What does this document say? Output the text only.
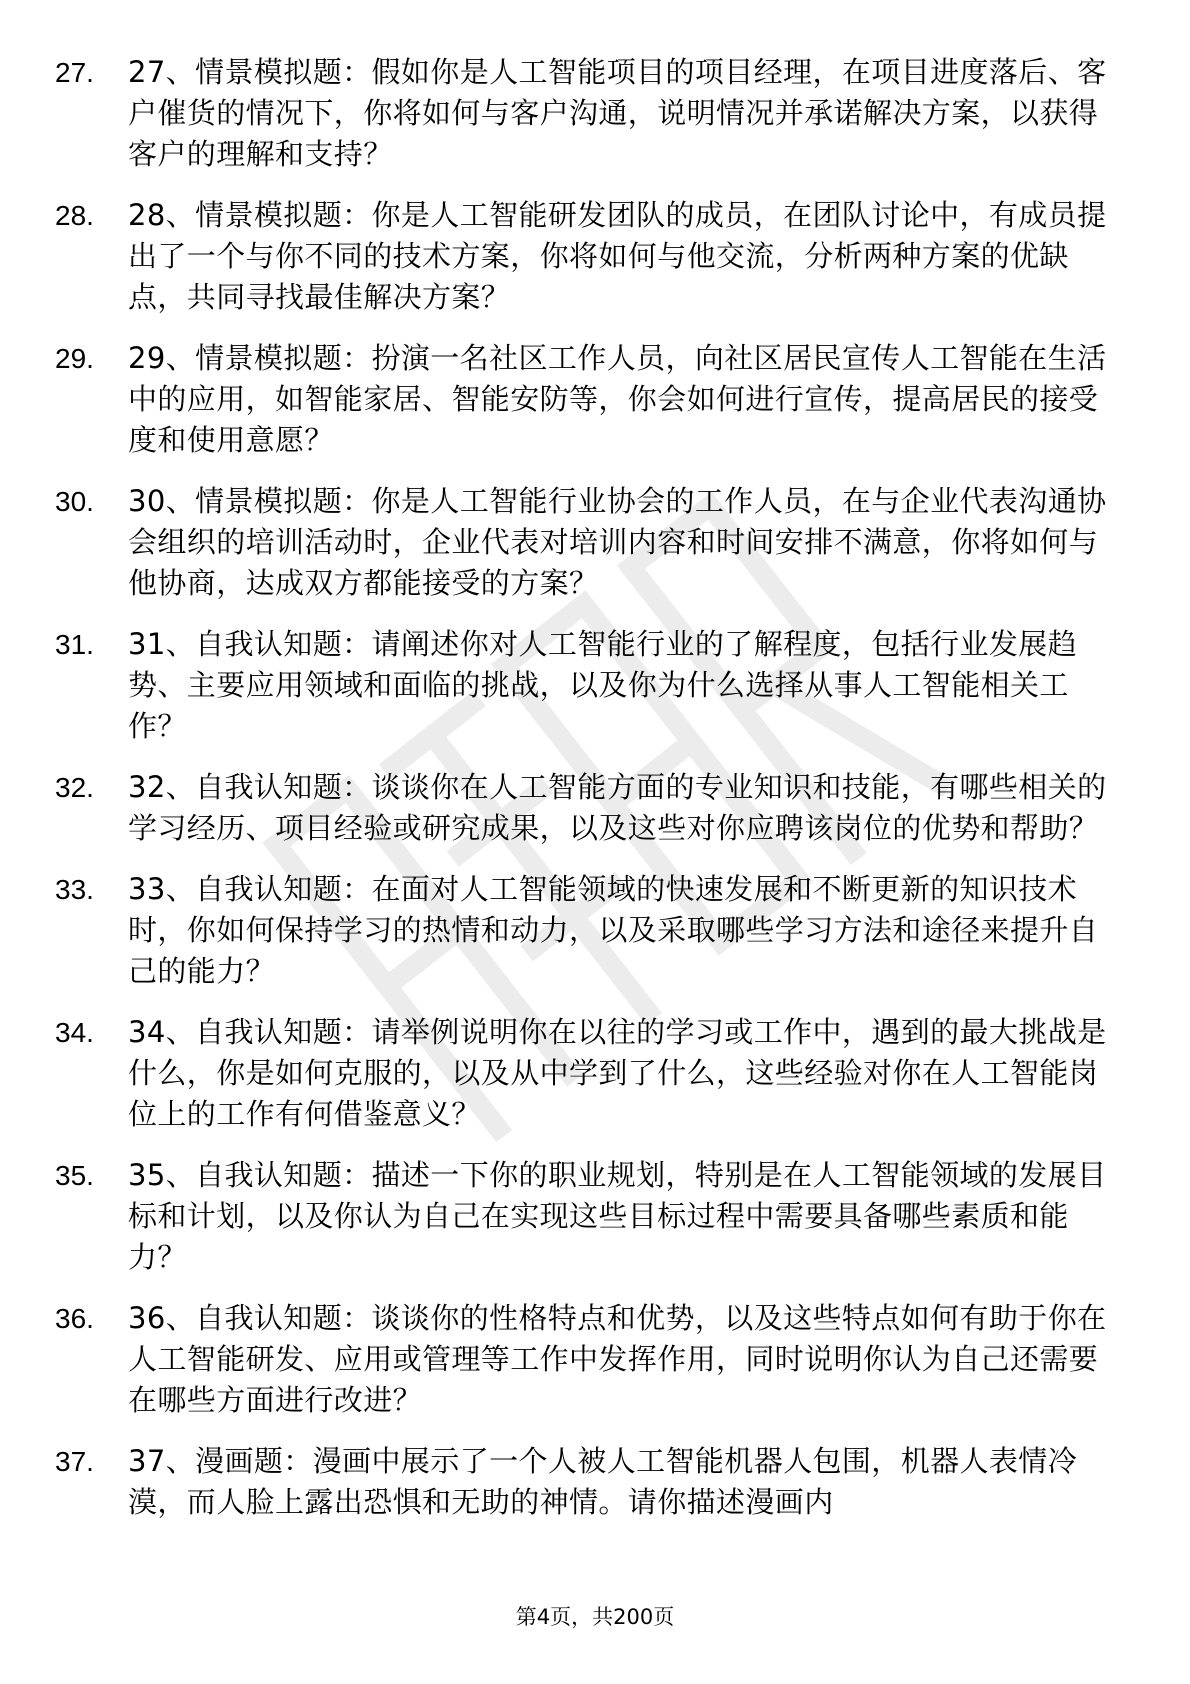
27.	27、情景模拟题：假如你是人工智能项目的项目经理，在项目进度落后、客户催货的情况下，你将如何与客户沟通，说明情况并承诺解决方案，以获得客户的理解和支持？
28.	28、情景模拟题：你是人工智能研发团队的成员，在团队讨论中，有成员提出了一个与你不同的技术方案，你将如何与他交流，分析两种方案的优缺点，共同寻找最佳解决方案？
29.	29、情景模拟题：扮演一名社区工作人员，向社区居民宣传人工智能在生活中的应用，如智能家居、智能安防等，你会如何进行宣传，提高居民的接受度和使用意愿？
30.	30、情景模拟题：你是人工智能行业协会的工作人员，在与企业代表沟通协会组织的培训活动时，企业代表对培训内容和时间安排不满意，你将如何与他协商，达成双方都能接受的方案？
31.	31、自我认知题：请阐述你对人工智能行业的了解程度，包括行业发展趋势、主要应用领域和面临的挑战，以及你为什么选择从事人工智能相关工作？
32.	32、自我认知题：谈谈你在人工智能方面的专业知识和技能，有哪些相关的学习经历、项目经验或研究成果，以及这些对你应聘该岗位的优势和帮助？
33.	33、自我认知题：在面对人工智能领域的快速发展和不断更新的知识技术时，你如何保持学习的热情和动力，以及采取哪些学习方法和途径来提升自己的能力？
34.	34、自我认知题：请举例说明你在以往的学习或工作中，遇到的最大挑战是什么，你是如何克服的，以及从中学到了什么，这些经验对你在人工智能岗位上的工作有何借鉴意义？
35.	35、自我认知题：描述一下你的职业规划，特别是在人工智能领域的发展目标和计划，以及你认为自己在实现这些目标过程中需要具备哪些素质和能力？
36.	36、自我认知题：谈谈你的性格特点和优势，以及这些特点如何有助于你在人工智能研发、应用或管理等工作中发挥作用，同时说明你认为自己还需要在哪些方面进行改进？
37.	37、漫画题：漫画中展示了一个人被人工智能机器人包围，机器人表情冷漠，而人脸上露出恐惧和无助的神情。请你描述漫画内
第4页，共200页
